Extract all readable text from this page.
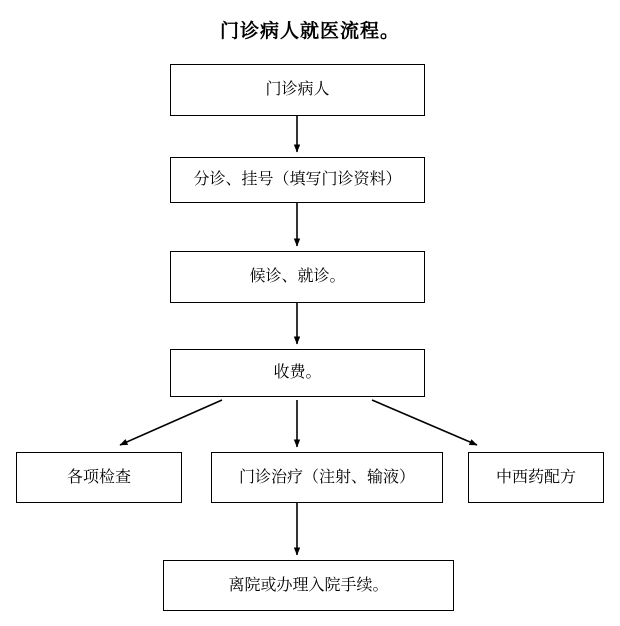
门诊病人就医流程。
门诊病人
分诊、挂号（填写门诊资料）
候诊、就诊。
收费。
各项检查	门诊治疗（注射、输液）	中西药配方
离院或办理入院手续。
